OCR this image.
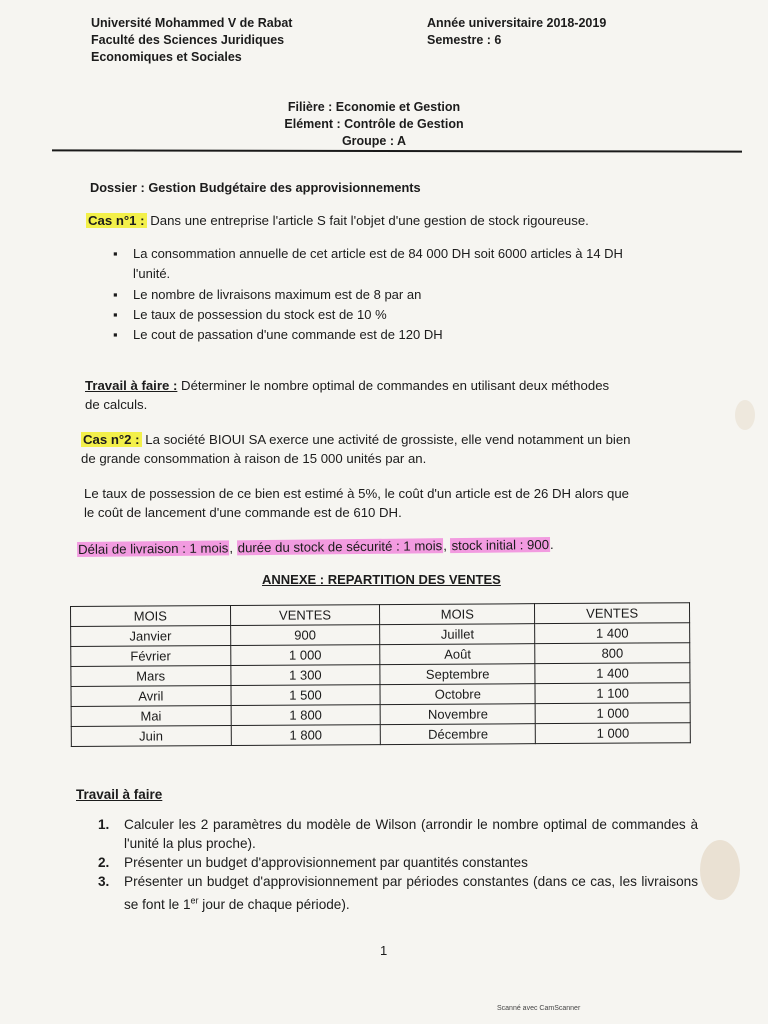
Université Mohammed V de Rabat
Faculté des Sciences Juridiques
Economiques et Sociales
Année universitaire 2018-2019
Semestre : 6
Filière : Economie et Gestion
Elément : Contrôle de Gestion
Groupe : A
Dossier : Gestion Budgétaire des approvisionnements
Cas n°1 : Dans une entreprise l'article S fait l'objet d'une gestion de stock rigoureuse.
▪ La consommation annuelle de cet article est de 84 000 DH soit 6000 articles à 14 DH
l'unité.
▪ Le nombre de livraisons maximum est de 8 par an
▪ Le taux de possession du stock est de 10 %
▪ Le cout de passation d'une commande est de 120 DH
Travail à faire : Déterminer le nombre optimal de commandes en utilisant deux méthodes
de calculs.
Cas n°2 : La société BIOUI SA exerce une activité de grossiste, elle vend notamment un bien
de grande consommation à raison de 15 000 unités par an.
Le taux de possession de ce bien est estimé à 5%, le coût d'un article est de 26 DH alors que
le coût de lancement d'une commande est de 610 DH.
Délai de livraison : 1 mois, durée du stock de sécurité : 1 mois, stock initial : 900.
ANNEXE : REPARTITION DES VENTES
MOIS	VENTES	MOIS	VENTES
Janvier	900	Juillet	1 400
Février	1 000	Août	800
Mars	1 300	Septembre	1 400
Avril	1 500	Octobre	1 100
Mai	1 800	Novembre	1 000
Juin	1 800	Décembre	1 000
Travail à faire
1. Calculer les 2 paramètres du modèle de Wilson (arrondir le nombre optimal de commandes à l'unité la plus proche).
2. Présenter un budget d'approvisionnement par quantités constantes
3. Présenter un budget d'approvisionnement par périodes constantes (dans ce cas, les livraisons se font le 1er jour de chaque période).
1
Scanné avec CamScanner
